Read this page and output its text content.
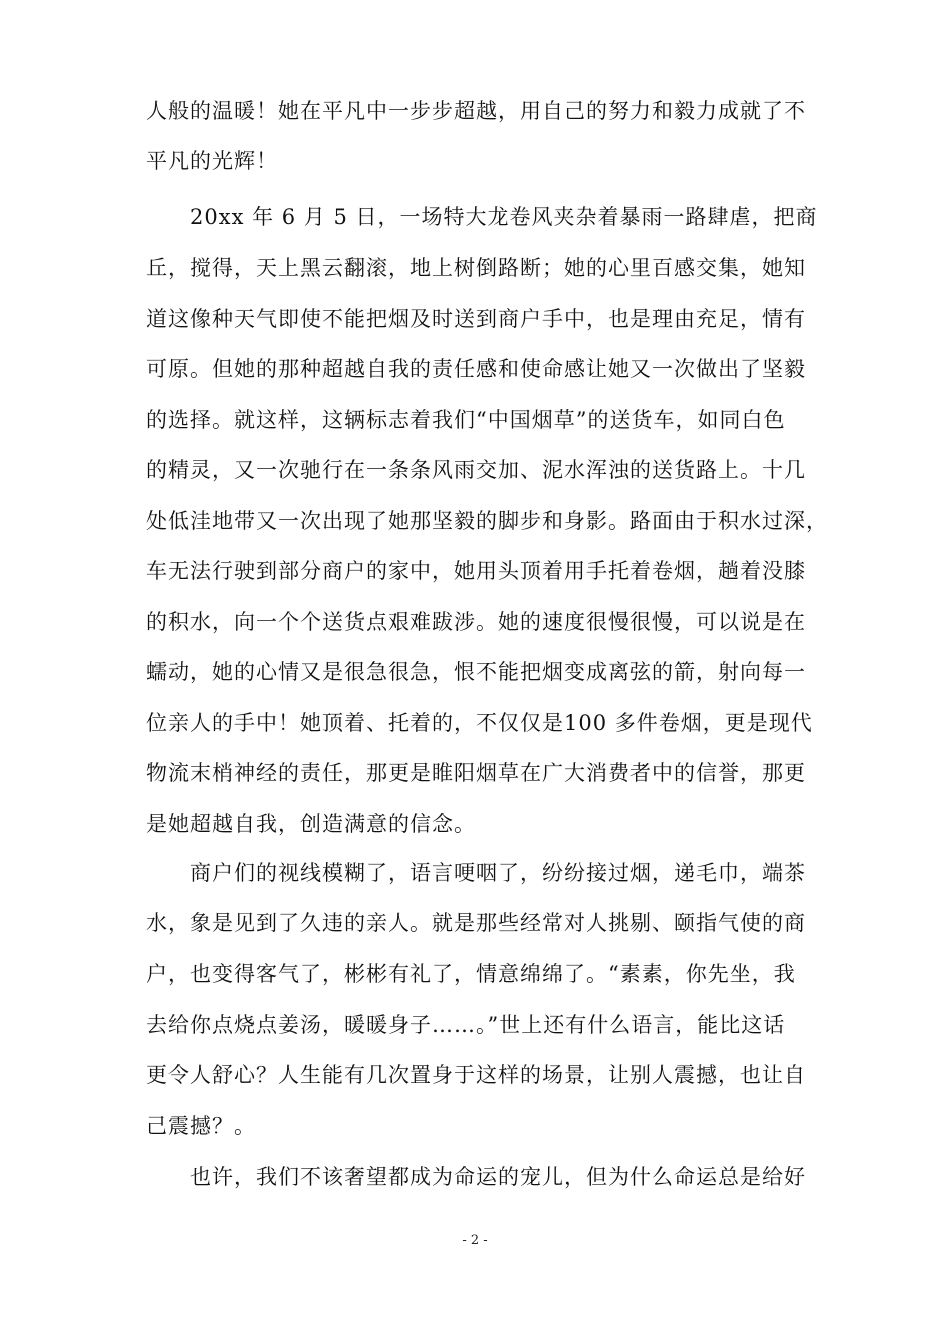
人般的温暖！她在平凡中一步步超越，用自己的努力和毅力成就了不
平凡的光辉！
20xx 年 6 月 5 日，一场特大龙卷风夹杂着暴雨一路肆虐，把商
丘，搅得，天上黑云翻滚，地上树倒路断；她的心里百感交集，她知
道这像种天气即使不能把烟及时送到商户手中，也是理由充足，情有
可原。但她的那种超越自我的责任感和使命感让她又一次做出了坚毅
的选择。就这样，这辆标志着我们“中国烟草”的送货车，如同白色
的精灵，又一次驰行在一条条风雨交加、泥水浑浊的送货路上。十几
处低洼地带又一次出现了她那坚毅的脚步和身影。路面由于积水过深，
车无法行驶到部分商户的家中，她用头顶着用手托着卷烟，趟着没膝
的积水，向一个个送货点艰难跋涉。她的速度很慢很慢，可以说是在
蠕动，她的心情又是很急很急，恨不能把烟变成离弦的箭，射向每一
位亲人的手中！她顶着、托着的，不仅仅是100 多件卷烟，更是现代
物流末梢神经的责任，那更是睢阳烟草在广大消费者中的信誉，那更
是她超越自我，创造满意的信念。
商户们的视线模糊了，语言哽咽了，纷纷接过烟，递毛巾，端茶
水，象是见到了久违的亲人。就是那些经常对人挑剔、颐指气使的商
户，也变得客气了，彬彬有礼了，情意绵绵了。“素素，你先坐，我
去给你点烧点姜汤，暖暖身子……。”世上还有什么语言，能比这话
更令人舒心？人生能有几次置身于这样的场景，让别人震撼，也让自
己震撼？。
也许，我们不该奢望都成为命运的宠儿，但为什么命运总是给好
- 2 -
